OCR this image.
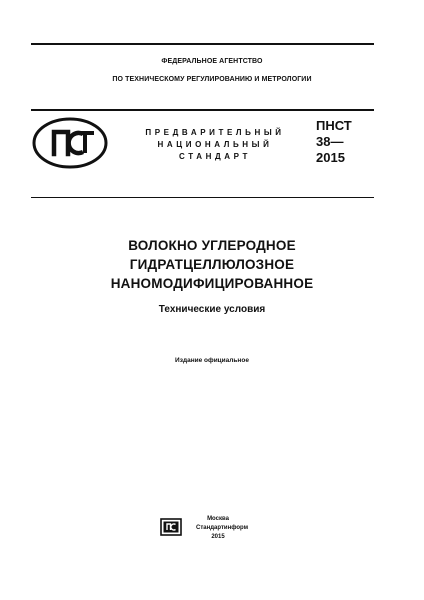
ФЕДЕРАЛЬНОЕ АГЕНТСТВО
ПО ТЕХНИЧЕСКОМУ РЕГУЛИРОВАНИЮ И МЕТРОЛОГИИ
ПРЕДВАРИТЕЛЬНЫЙ
НАЦИОНАЛЬНЫЙ
СТАНДАРТ
ПНСТ
38—
2015
ВОЛОКНО УГЛЕРОДНОЕ
ГИДРАТЦЕЛЛЮЛОЗНОЕ
НАНОМОДИФИЦИРОВАННОЕ
Технические условия
Издание официальное
Москва
Стандартинформ
2015
